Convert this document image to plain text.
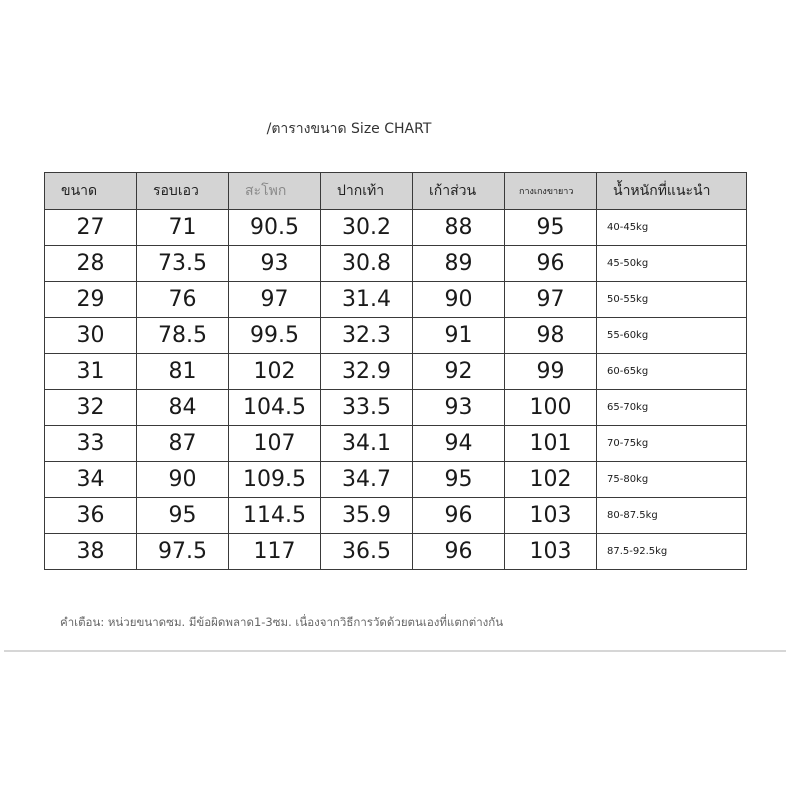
/ตารางขนาด Size CHART
ขนาด	รอบเอว	สะโพก	ปากเท้า	เก้าส่วน	กางเกงขายาว	น้ำหนักที่แนะนำ
27	71	90.5	30.2	88	95	40-45kg
28	73.5	93	30.8	89	96	45-50kg
29	76	97	31.4	90	97	50-55kg
30	78.5	99.5	32.3	91	98	55-60kg
31	81	102	32.9	92	99	60-65kg
32	84	104.5	33.5	93	100	65-70kg
33	87	107	34.1	94	101	70-75kg
34	90	109.5	34.7	95	102	75-80kg
36	95	114.5	35.9	96	103	80-87.5kg
38	97.5	117	36.5	96	103	87.5-92.5kg
คำเตือน: หน่วยขนาดซม. มีข้อผิดพลาด1-3ซม. เนื่องจากวิธีการวัดด้วยตนเองที่แตกต่างกัน
